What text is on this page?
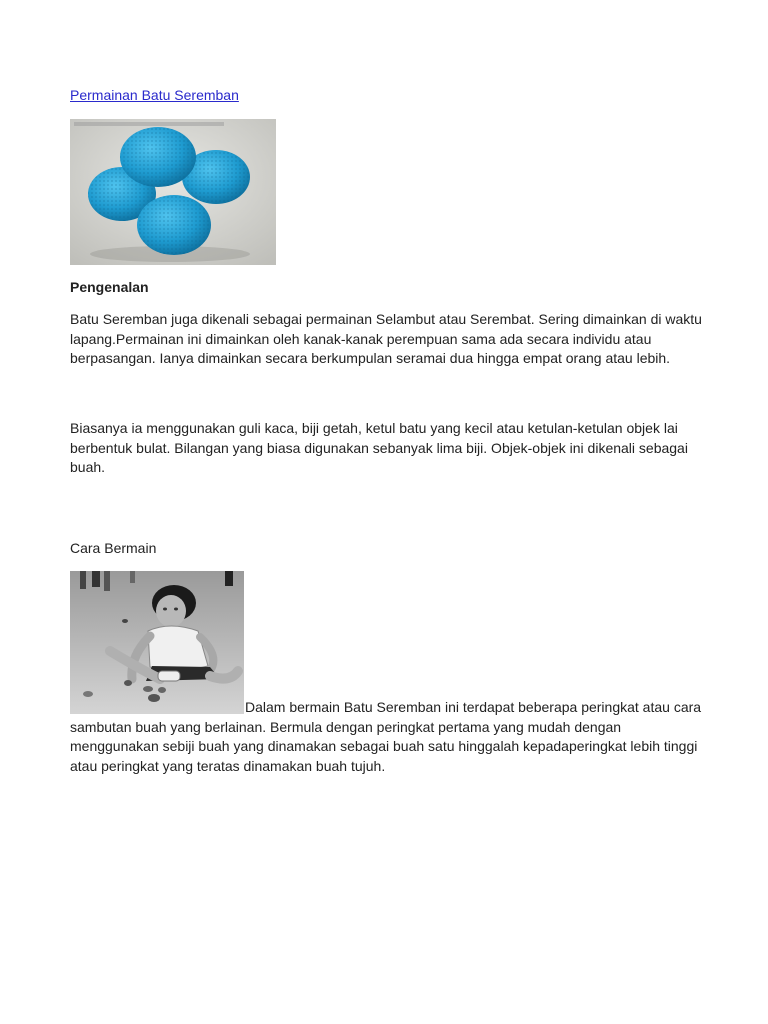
Permainan Batu Seremban
Pengenalan

Batu Seremban juga dikenali sebagai permainan Selambut atau Serembat. Sering dimainkan di waktu lapang.Permainan ini dimainkan oleh kanak-kanak perempuan sama ada secara individu atau berpasangan. Ianya dimainkan secara berkumpulan seramai dua hingga empat orang atau lebih.

Biasanya ia menggunakan guli kaca, biji getah, ketul batu yang kecil atau ketulan-ketulan objek lai berbentuk bulat. Bilangan yang biasa digunakan sebanyak lima biji. Objek-objek ini dikenali sebagai buah.

Cara Bermain

Dalam bermain Batu Seremban ini terdapat beberapa peringkat atau cara sambutan buah yang berlainan. Bermula dengan peringkat pertama yang mudah dengan menggunakan sebiji buah yang dinamakan sebagai buah satu hinggalah kepadaperingkat lebih tinggi atau peringkat yang teratas dinamakan buah tujuh.
